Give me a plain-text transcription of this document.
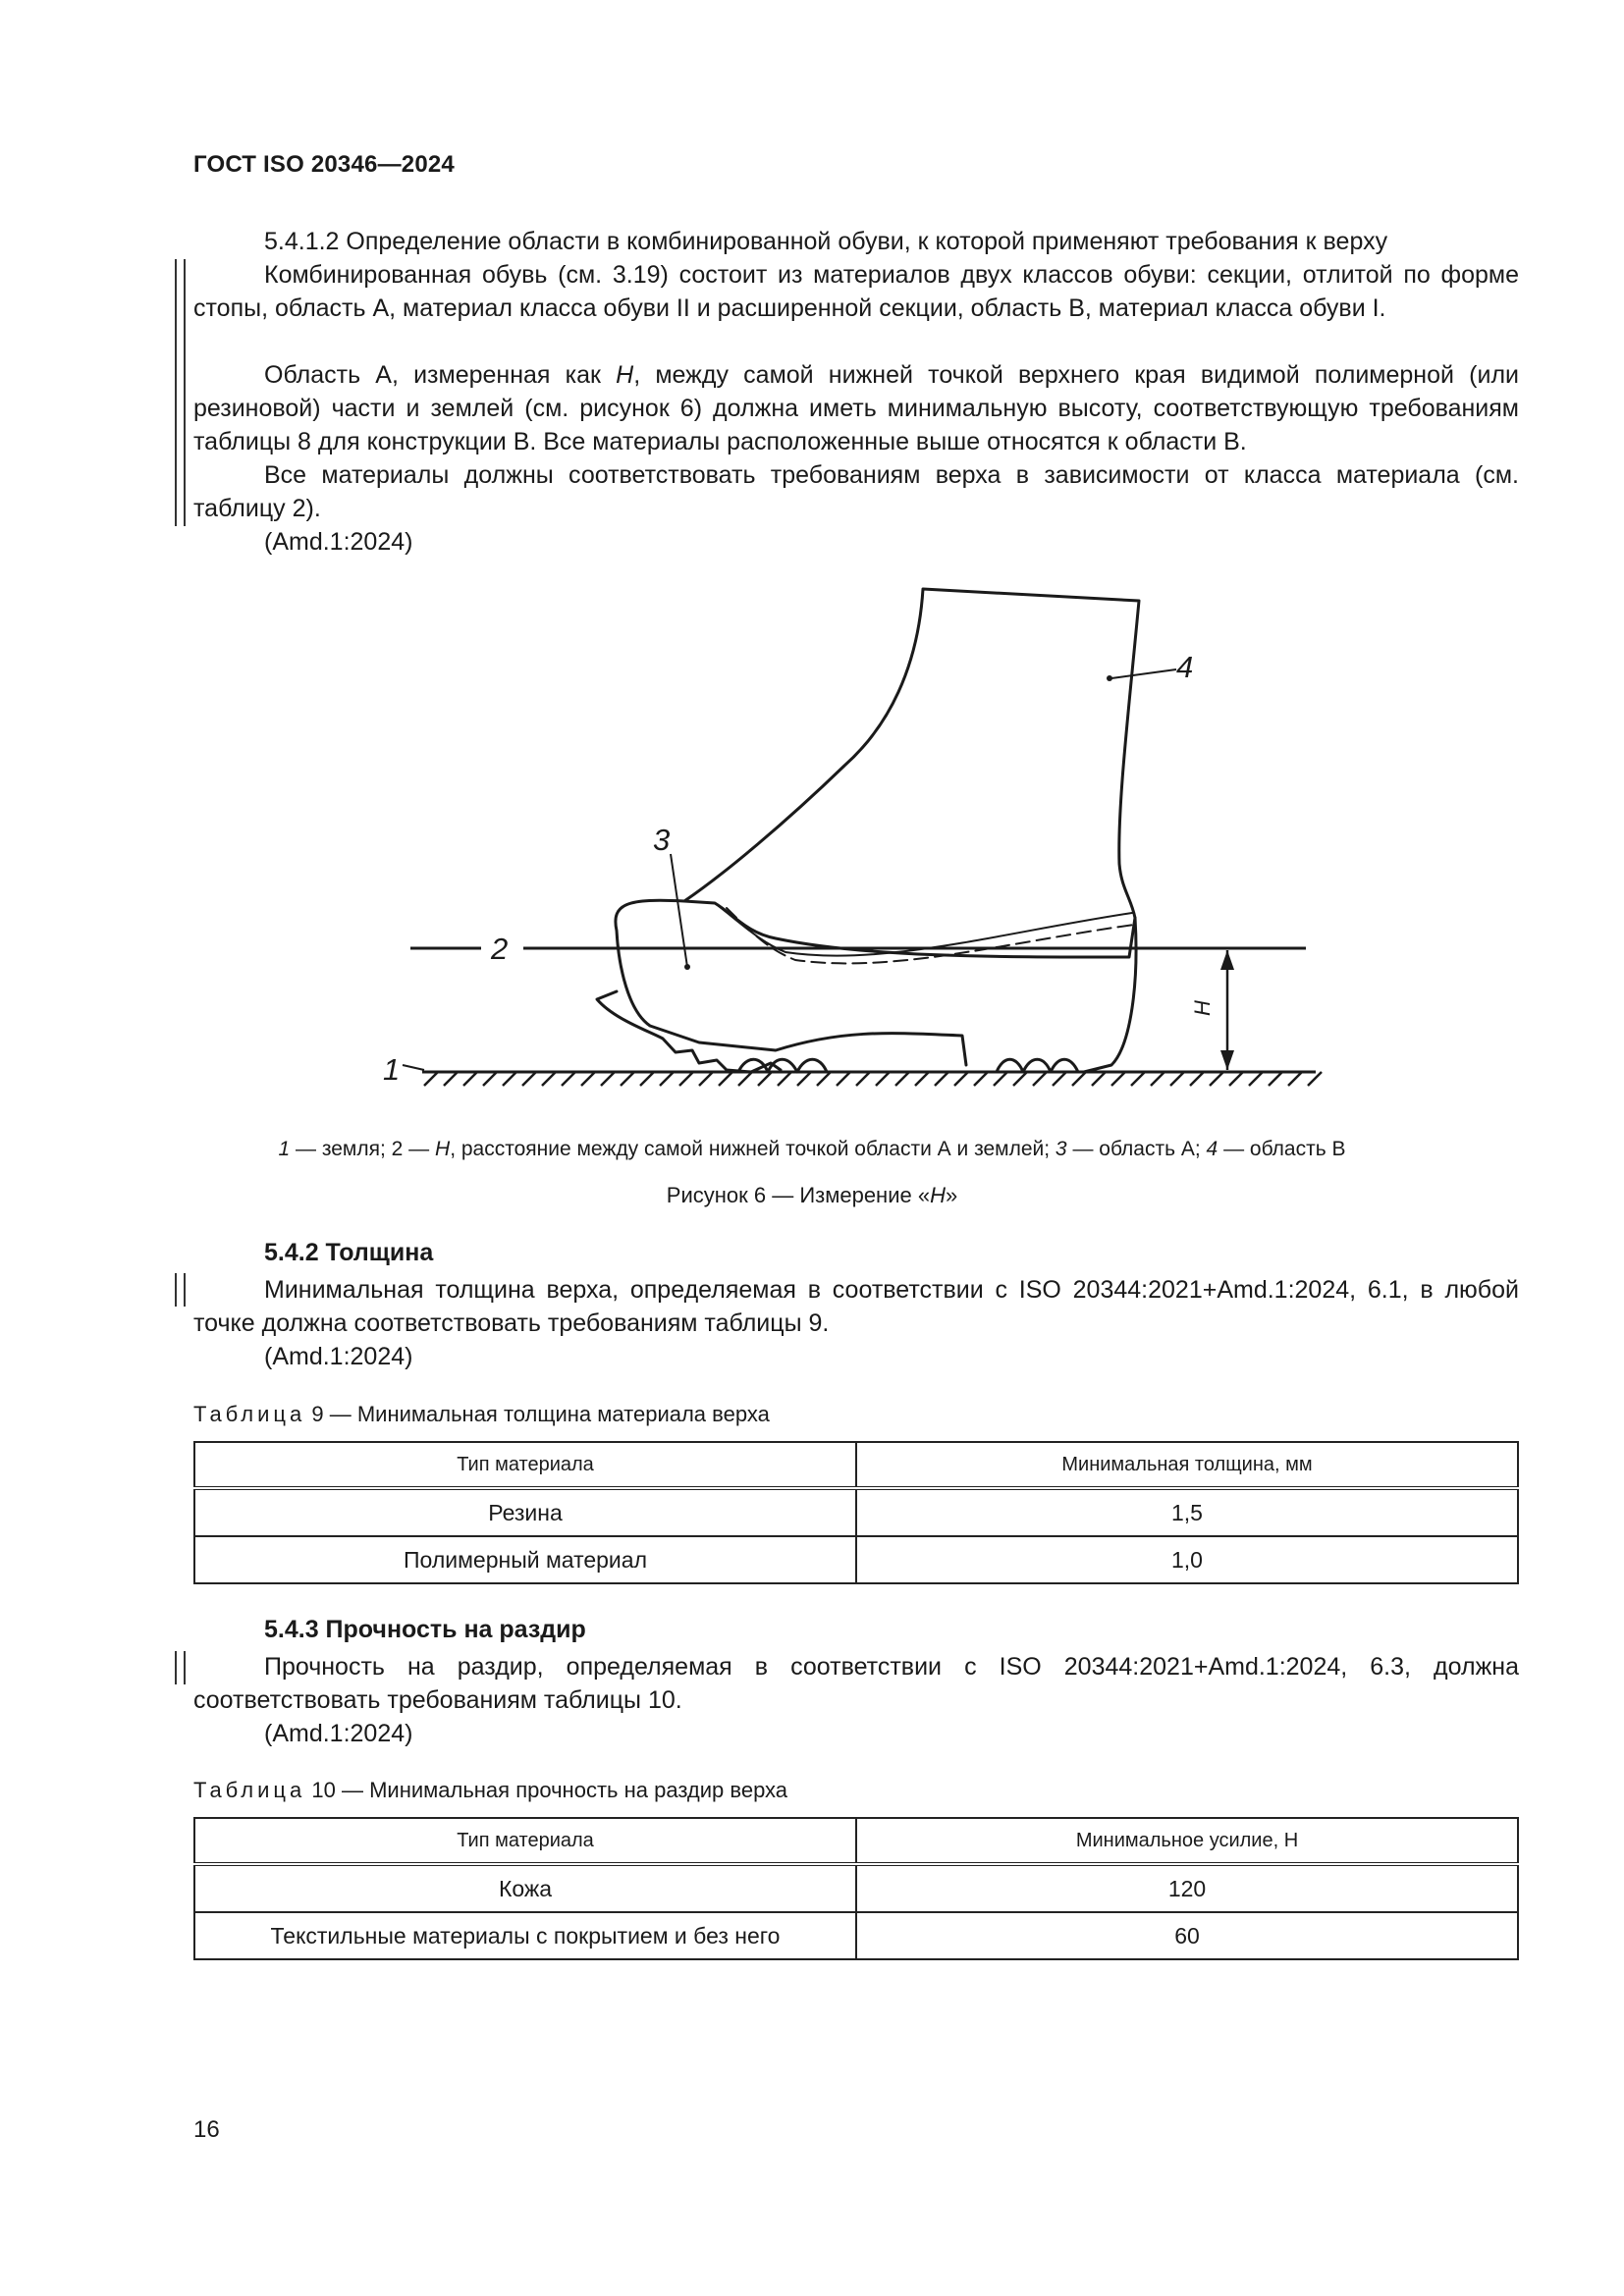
ГОСТ ISO 20346—2024
5.4.1.2 Определение области в комбинированной обуви, к которой применяют требования к верху
Комбинированная обувь (см. 3.19) состоит из материалов двух классов обуви: секции, отлитой по форме стопы, область А, материал класса обуви II и расширенной секции, область В, материал класса обуви I.
Область А, измеренная как H, между самой нижней точкой верхнего края видимой полимерной (или резиновой) части и землей (см. рисунок 6) должна иметь минимальную высоту, соответствующую требованиям таблицы 8 для конструкции В. Все материалы расположенные выше относятся к области В.
Все материалы должны соответствовать требованиям верха в зависимости от класса материала (см. таблицу 2).
(Amd.1:2024)
1
2
3
4
H
1 — земля; 2 — H, расстояние между самой нижней точкой области А и землей; 3 — область А; 4 — область В
Рисунок 6 — Измерение «H»
5.4.2 Толщина
Минимальная толщина верха, определяемая в соответствии с ISO 20344:2021+Amd.1:2024, 6.1, в любой точке должна соответствовать требованиям таблицы 9.
(Amd.1:2024)
Таблица 9 — Минимальная толщина материала верха
Тип материала	Минимальная толщина, мм
Резина	1,5
Полимерный материал	1,0
5.4.3 Прочность на раздир
Прочность на раздир, определяемая в соответствии с ISO 20344:2021+Amd.1:2024, 6.3, должна соответствовать требованиям таблицы 10.
(Amd.1:2024)
Таблица 10 — Минимальная прочность на раздир верха
Тип материала	Минимальное усилие, Н
Кожа	120
Текстильные материалы с покрытием и без него	60
16
